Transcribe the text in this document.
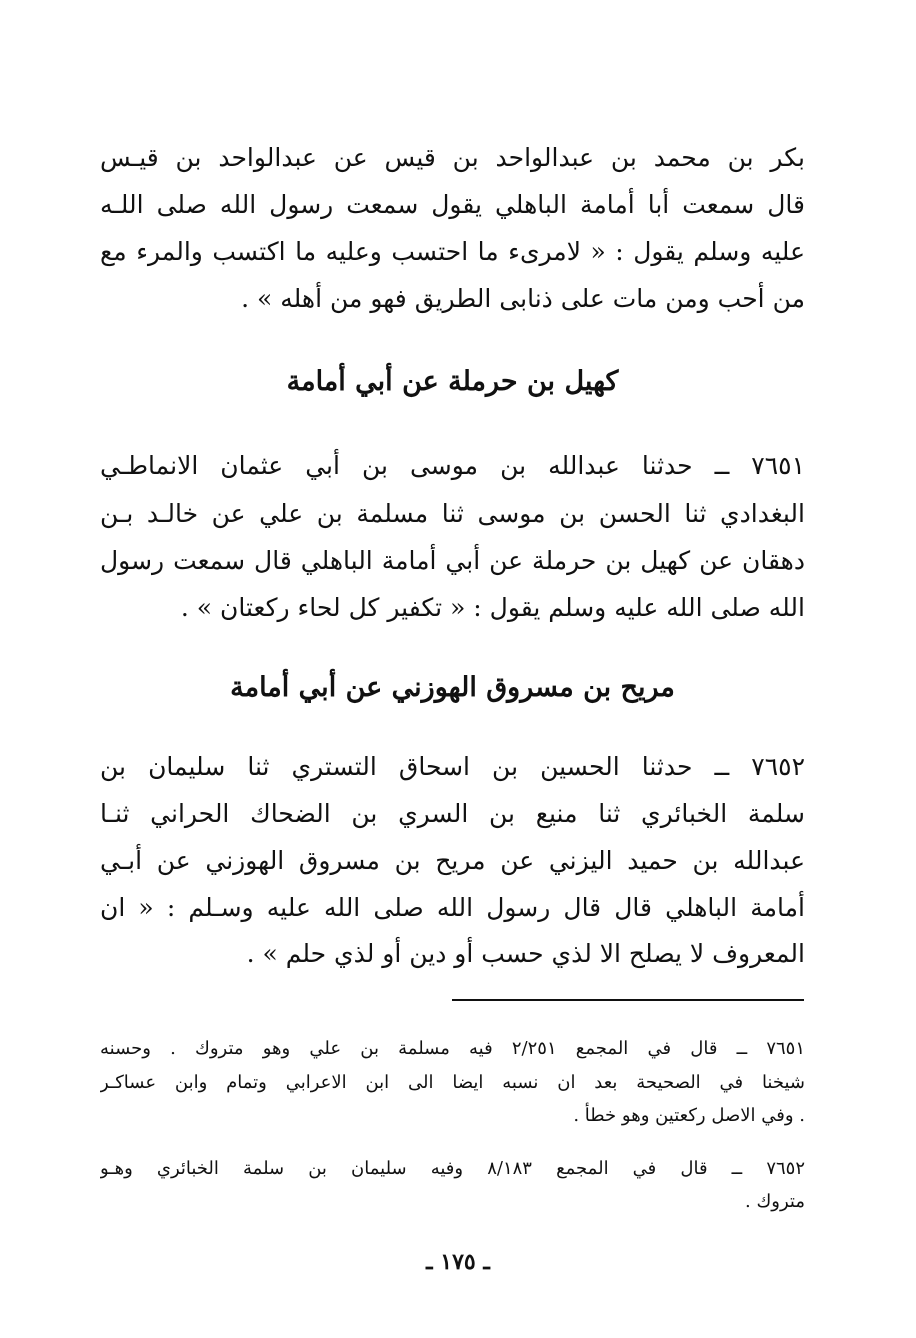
بكر بن محمد بن عبدالواحد بن قيس عن عبدالواحد بن قيـس
قال سمعت أبا أمامة الباهلي يقول سمعت رسول الله صلى اللـه
عليه وسلم يقول : « لامرىء ما احتسب وعليه ما اكتسب والمرء مع
من أحب ومن مات على ذنابى الطريق فهو من أهله » .
كهيل بن حرملة عن أبي أمامة
٧٦٥١ ــ حدثنا عبدالله بن موسى بن أبي عثمان الانماطـي
البغدادي ثنا الحسن بن موسى ثنا مسلمة بن علي عن خالـد بـن
دهقان عن كهيل بن حرملة عن أبي أمامة الباهلي قال سمعت رسول
الله صلى الله عليه وسلم يقول : « تكفير كل لحاء ركعتان » .
مريح بن مسروق الهوزني عن أبي أمامة
٧٦٥٢ ــ حدثنا الحسين بن اسحاق التستري ثنا سليمان بن
سلمة الخبائري ثنا منيع بن السري بن الضحاك الحراني ثنـا
عبدالله بن حميد اليزني عن مريح بن مسروق الهوزني عن أبـي
أمامة الباهلي قال قال رسول الله صلى الله عليه وسـلم : « ان
المعروف لا يصلح الا لذي حسب أو دين أو لذي حلم » .
٧٦٥١ ــ قال في المجمع ٢/٢٥١ فيه مسلمة بن علي وهو متروك . وحسنه
شيخنا في الصحيحة بعد ان نسبه ايضا الى ابن الاعرابي وتمام وابن عساكـر
. وفي الاصل ركعتين وهو خطأ .
٧٦٥٢ ــ قال في المجمع ٨/١٨٣ وفيه سليمان بن سلمة الخبائري وهـو
متروك .
ـ ١٧٥ ـ
